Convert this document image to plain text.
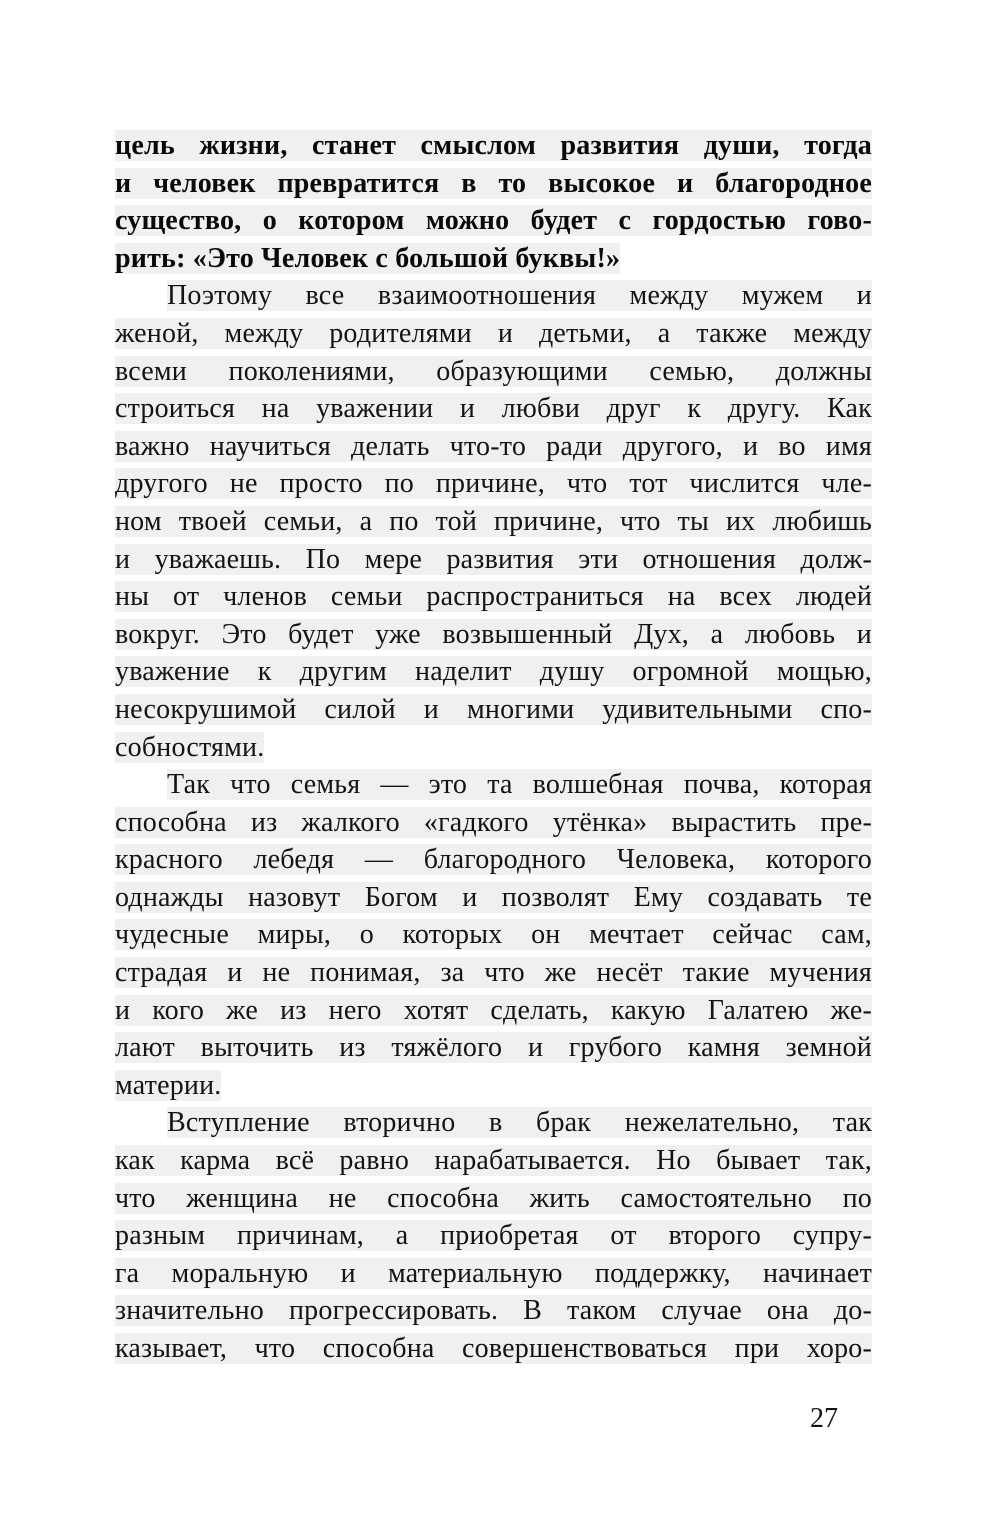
цель жизни, станет смыслом развития души, тогда
и человек превратится в то высокое и благородное
существо, о котором можно будет с гордостью гово-
рить: «Это Человек с большой буквы!»
Поэтому все взаимоотношения между мужем и
женой, между родителями и детьми, а также между
всеми поколениями, образующими семью, должны
строиться на уважении и любви друг к другу. Как
важно научиться делать что-то ради другого, и во имя
другого не просто по причине, что тот числится чле-
ном твоей семьи, а по той причине, что ты их любишь
и уважаешь. По мере развития эти отношения долж-
ны от членов семьи распространиться на всех людей
вокруг. Это будет уже возвышенный Дух, а любовь и
уважение к другим наделит душу огромной мощью,
несокрушимой силой и многими удивительными спо-
собностями.
Так что семья — это та волшебная почва, которая
способна из жалкого «гадкого утёнка» вырастить пре-
красного лебедя — благородного Человека, которого
однажды назовут Богом и позволят Ему создавать те
чудесные миры, о которых он мечтает сейчас сам,
страдая и не понимая, за что же несёт такие мучения
и кого же из него хотят сделать, какую Галатею же-
лают выточить из тяжёлого и грубого камня земной
материи.
Вступление вторично в брак нежелательно, так
как карма всё равно нарабатывается. Но бывает так,
что женщина не способна жить самостоятельно по
разным причинам, а приобретая от второго супру-
га моральную и материальную поддержку, начинает
значительно прогрессировать. В таком случае она до-
казывает, что способна совершенствоваться при хоро-
27
